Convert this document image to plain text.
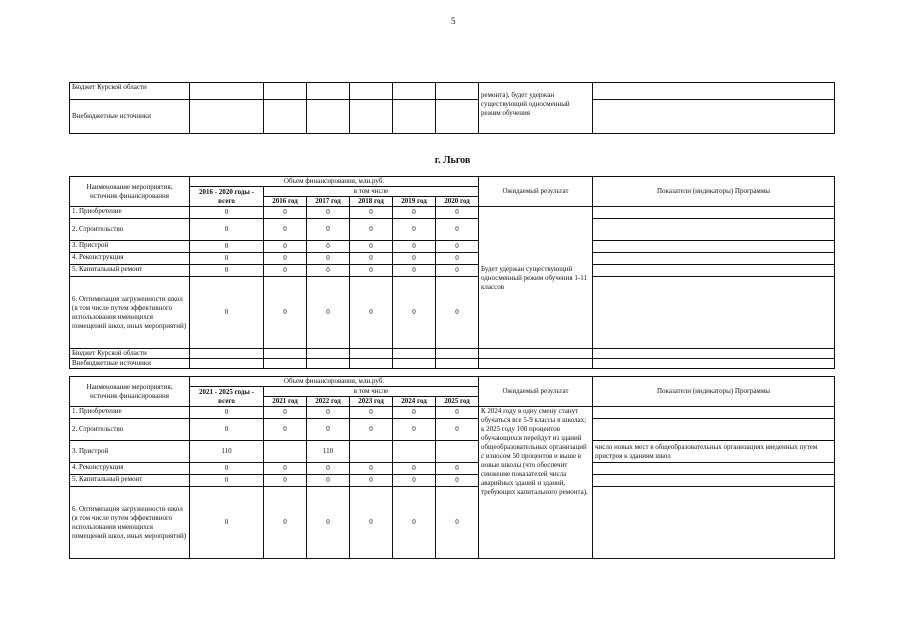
5
Бюджет Курской области							ремонта), будет удержан существующий односменный режим обучения	
Внебюджетные источники								
г. Льгов
Наименование мероприятия, источник финансирования	Объем финансирования, млн.руб.						Ожидаемый результат	Показатели (индикаторы) Программы
	2016 - 2020 годы - всего	в том числе						
		2016 год	2017 год	2018 год	2019 год	2020 год		
1. Приобретение	0	0	0	0	0	0	Будет удержан существующий односменный режим обучения 1-11 классов	
2. Строительство	0	0	0	0	0	0		
3. Пристрой	0	0	0	0	0	0		
4. Реконструкция	0	0	0	0	0	0		
5. Капитальный ремонт	0	0	0	0	0	0		
6. Оптимизация загруженности школ (в том числе путем эффективного использования имеющихся помещений школ, иных мероприятий)	0	0	0	0	0	0		
Бюджет Курской области								
Внебюджетные источники								
Наименование мероприятия, источник финансирования	Объем финансирования, млн.руб.						Ожидаемый результат	Показатели (индикаторы) Программы
	2021 - 2025 годы - всего	в том числе						
		2021 год	2022 год	2023 год	2024 год	2025 год		
1. Приобретение	0	0	0	0	0	0	К 2024 году в одну смену станут обучаться все 5-9 классы в школах; к 2025 году 100 процентов обучающихся перейдут из зданий общеобразовательных организаций с износом 50 процентов и выше в новые школы (что обеспечит снижение показателей числа аварийных зданий и зданий, требующих капитального ремонта),	
2. Строительство	0	0	0	0	0	0		
3. Пристрой	110		110					число новых мест в общеобразовательных организациях введенных путем пристроя к зданиям школ
4. Реконструкция	0	0	0	0	0	0		
5. Капитальный ремонт	0	0	0	0	0	0		
6. Оптимизация загруженности школ (в том числе путем эффективного использования имеющихся помещений школ, иных мероприятий)	0	0	0	0	0	0		
